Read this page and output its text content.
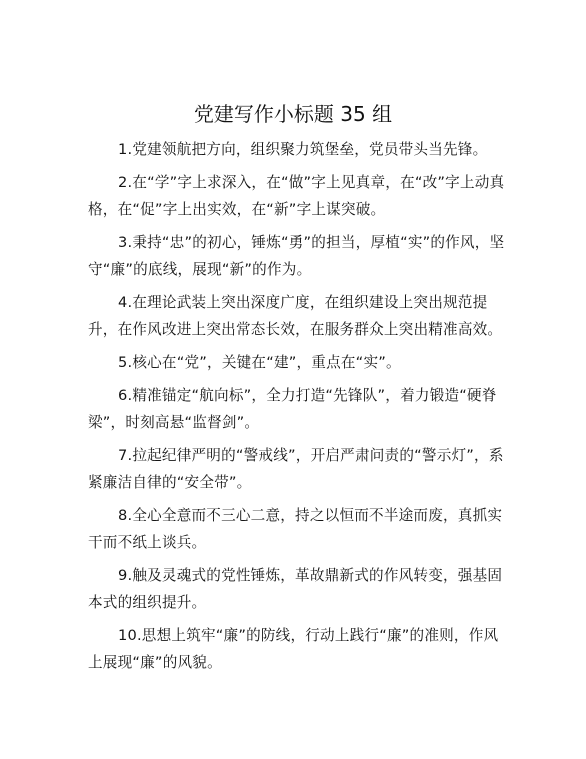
党建写作小标题 35 组

1.党建领航把方向，组织聚力筑堡垒，党员带头当先锋。

2.在“学”字上求深入，在“做”字上见真章，在“改”字上动真格，在“促”字上出实效，在“新”字上谋突破。

3.秉持“忠”的初心，锤炼“勇”的担当，厚植“实”的作风，坚守“廉”的底线，展现“新”的作为。

4.在理论武装上突出深度广度，在组织建设上突出规范提升，在作风改进上突出常态长效，在服务群众上突出精准高效。

5.核心在“党”，关键在“建”，重点在“实”。

6.精准锚定“航向标”，全力打造“先锋队”，着力锻造“硬脊梁”，时刻高悬“监督剑”。

7.拉起纪律严明的“警戒线”，开启严肃问责的“警示灯”，系紧廉洁自律的“安全带”。

8.全心全意而不三心二意，持之以恒而不半途而废，真抓实干而不纸上谈兵。

9.触及灵魂式的党性锤炼，革故鼎新式的作风转变，强基固本式的组织提升。

10.思想上筑牢“廉”的防线，行动上践行“廉”的准则，作风上展现“廉”的风貌。
